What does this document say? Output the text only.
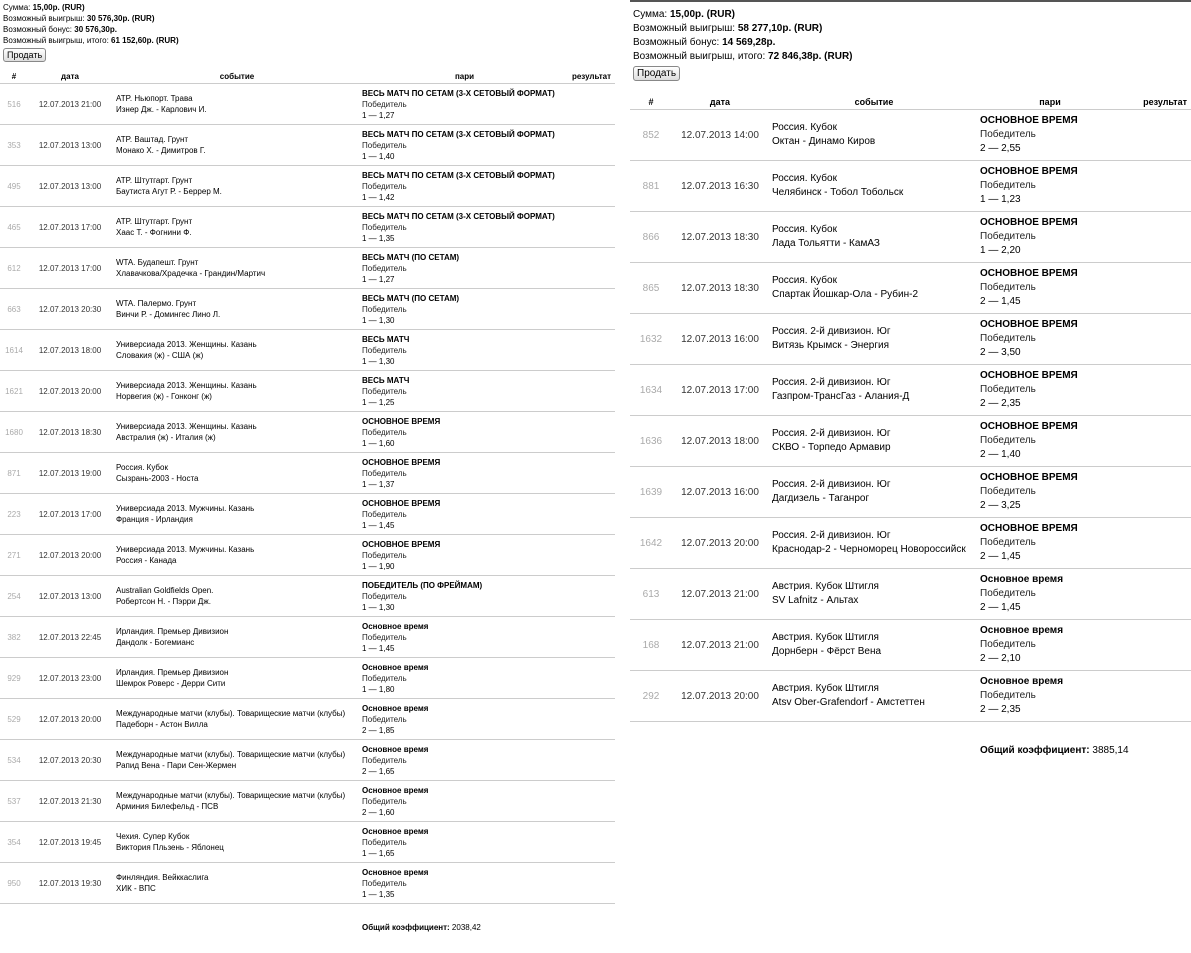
Сумма: 15,00р. (RUR)
Возможный выигрыш: 30 576,30р. (RUR)
Возможный бонус: 30 576,30р.
Возможный выигрыш, итого: 61 152,60р. (RUR)
Продать
#	дата	событие	пари	результат
516	12.07.2013 21:00	ATP. Ньюпорт. Трава
Изнер Дж. - Карлович И.	ВЕСЬ МАТЧ ПО СЕТАМ (3-Х СЕТОВЫЙ ФОРМАТ)
Победитель
1 — 1,27	

353	12.07.2013 13:00	ATP. Baштад. Грунт
Монако Х. - Димитров Г.	ВЕСЬ МАТЧ ПО СЕТАМ (3-Х СЕТОВЫЙ ФОРМАТ)
Победитель
1 — 1,40	

495	12.07.2013 13:00	ATP. Штутгарт. Грунт
Баутиста Агут Р. - Беррер М.	ВЕСЬ МАТЧ ПО СЕТАМ (3-Х СЕТОВЫЙ ФОРМАТ)
Победитель
1 — 1,42	

465	12.07.2013 17:00	ATP. Штутгарт. Грунт
Хаас Т. - Фогнини Ф.	ВЕСЬ МАТЧ ПО СЕТАМ (3-Х СЕТОВЫЙ ФОРМАТ)
Победитель
1 — 1,35	

612	12.07.2013 17:00	WTA. Будапешт. Грунт
Хлавачкова/Храдечка - Грандин/Мартич	ВЕСЬ МАТЧ (ПО СЕТАМ)
Победитель
1 — 1,27	

663	12.07.2013 20:30	WTA. Палермо. Грунт
Винчи Р. - Домингес Лино Л.	ВЕСЬ МАТЧ (ПО СЕТАМ)
Победитель
1 — 1,30	

1614	12.07.2013 18:00	Универсиада 2013. Женщины. Казань
Словакия (ж) - США (ж)	ВЕСЬ МАТЧ
Победитель
1 — 1,30	

1621	12.07.2013 20:00	Универсиада 2013. Женщины. Казань
Норвегия (ж) - Гонконг (ж)	ВЕСЬ МАТЧ
Победитель
1 — 1,25	

1680	12.07.2013 18:30	Универсиада 2013. Женщины. Казань
Австралия (ж) - Италия (ж)	ОСНОВНОЕ ВРЕМЯ
Победитель
1 — 1,60	

871	12.07.2013 19:00	Россия. Кубок
Сызрань-2003 - Носта	ОСНОВНОЕ ВРЕМЯ
Победитель
1 — 1,37	

223	12.07.2013 17:00	Универсиада 2013. Мужчины. Казань
Франция - Ирландия	ОСНОВНОЕ ВРЕМЯ
Победитель
1 — 1,45	

271	12.07.2013 20:00	Универсиада 2013. Мужчины. Казань
Россия - Канада	ОСНОВНОЕ ВРЕМЯ
Победитель
1 — 1,90	

254	12.07.2013 13:00	Australian Goldfields Open.
Робертсон Н. - Пэрри Дж.	ПОБЕДИТЕЛЬ (ПО ФРЕЙМАМ)
Победитель
1 — 1,30	

382	12.07.2013 22:45	Ирландия. Премьер Дивизион
Дандолк - Богемианс	Основное время
Победитель
1 — 1,45	

929	12.07.2013 23:00	Ирландия. Премьер Дивизион
Шемрок Роверс - Дерри Сити	Основное время
Победитель
1 — 1,80	

529	12.07.2013 20:00	Международные матчи (клубы). Товарищеские матчи (клубы)
Падеборн - Астон Вилла	Основное время
Победитель
2 — 1,85	

534	12.07.2013 20:30	Международные матчи (клубы). Товарищеские матчи (клубы)
Рапид Вена - Пари Сен-Жермен	Основное время
Победитель
2 — 1,65	

537	12.07.2013 21:30	Международные матчи (клубы). Товарищеские матчи (клубы)
Арминия Билефельд - ПСВ	Основное время
Победитель
2 — 1,60	

354	12.07.2013 19:45	Чехия. Супер Кубок
Виктория Пльзень - Яблонец	Основное время
Победитель
1 — 1,65	

950	12.07.2013 19:30	Финляндия. Вейккаслига
ХИК - ВПС	Основное время
Победитель
1 — 1,35	

			Общий коэффициент: 2038,42	
Сумма: 15,00р. (RUR)
Возможный выигрыш: 58 277,10р. (RUR)
Возможный бонус: 14 569,28р.
Возможный выигрыш, итого: 72 846,38р. (RUR)
Продать
#	дата	событие	пари	результат
852	12.07.2013 14:00	Россия. Кубок
Октан - Динамо Киров	ОСНОВНОЕ ВРЕМЯ
Победитель
2 — 2,55	

881	12.07.2013 16:30	Россия. Кубок
Челябинск - Тобол Тобольск	ОСНОВНОЕ ВРЕМЯ
Победитель
1 — 1,23	

866	12.07.2013 18:30	Россия. Кубок
Лада Тольятти - КамАЗ	ОСНОВНОЕ ВРЕМЯ
Победитель
1 — 2,20	

865	12.07.2013 18:30	Россия. Кубок
Спартак Йошкар-Ола - Рубин-2	ОСНОВНОЕ ВРЕМЯ
Победитель
2 — 1,45	

1632	12.07.2013 16:00	Россия. 2-й дивизион. Юг
Витязь Крымск - Энергия	ОСНОВНОЕ ВРЕМЯ
Победитель
2 — 3,50	

1634	12.07.2013 17:00	Россия. 2-й дивизион. Юг
Газпром-ТрансГаз - Алания-Д	ОСНОВНОЕ ВРЕМЯ
Победитель
2 — 2,35	

1636	12.07.2013 18:00	Россия. 2-й дивизион. Юг
СКВО - Торпедо Армавир	ОСНОВНОЕ ВРЕМЯ
Победитель
2 — 1,40	

1639	12.07.2013 16:00	Россия. 2-й дивизион. Юг
Дагдизель - Таганрог	ОСНОВНОЕ ВРЕМЯ
Победитель
2 — 3,25	

1642	12.07.2013 20:00	Россия. 2-й дивизион. Юг
Краснодар-2 - Черноморец Новороссийск	ОСНОВНОЕ ВРЕМЯ
Победитель
2 — 1,45	

613	12.07.2013 21:00	Австрия. Кубок Штигля
SV Lafnitz - Альтах	Основное время
Победитель
2 — 1,45	

168	12.07.2013 21:00	Австрия. Кубок Штигля
Дорнберн - Фёрст Вена	Основное время
Победитель
2 — 2,10	

292	12.07.2013 20:00	Австрия. Кубок Штигля
Atsv Ober-Grafendorf - Амстеттен	Основное время
Победитель
2 — 2,35	

			Общий коэффициент: 3885,14	
